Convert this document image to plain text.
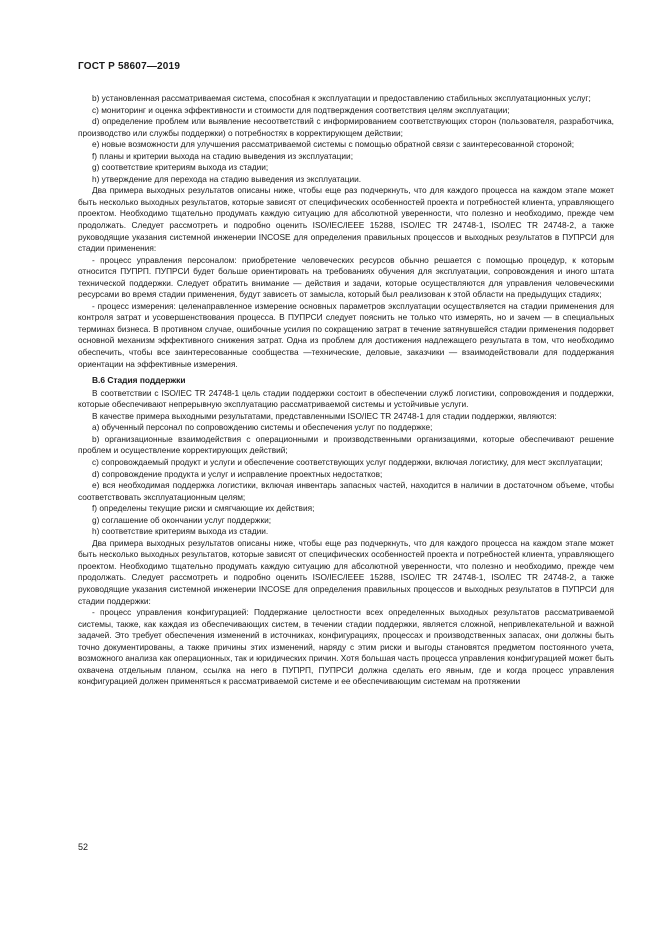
ГОСТ Р 58607—2019

b) установленная рассматриваемая система, способная к эксплуатации и предоставлению стабильных эксплуатационных услуг;

c) мониторинг и оценка эффективности и стоимости для подтверждения соответствия целям эксплуатации;

d) определение проблем или выявление несоответствий с информированием соответствующих сторон (пользователя, разработчика, производство или службы поддержки) о потребностях в корректирующем действии;

e) новые возможности для улучшения рассматриваемой системы с помощью обратной связи с заинтересованной стороной;

f) планы и критерии выхода на стадию выведения из эксплуатации;

g) соответствие критериям выхода из стадии;

h) утверждение для перехода на стадию выведения из эксплуатации.

Два примера выходных результатов описаны ниже, чтобы еще раз подчеркнуть, что для каждого процесса на каждом этапе может быть несколько выходных результатов, которые зависят от специфических особенностей проекта и потребностей клиента, управляющего проектом. Необходимо тщательно продумать каждую ситуацию для абсолютной уверенности, что полезно и необходимо, прежде чем продолжать. Следует рассмотреть и подробно оценить ISO/IEC/IEEE 15288, ISO/IEC TR 24748-1, ISO/IEC TR 24748-2, а также руководящие указания системной инженерии INCOSE для определения правильных процессов и выходных результатов в ПУПРСИ для стадии применения:

- процесс управления персоналом: приобретение человеческих ресурсов обычно решается с помощью процедур, к которым относится ПУПРП. ПУПРСИ будет больше ориентировать на требованиях обучения для эксплуатации, сопровождения и иного штата технической поддержки. Следует обратить внимание — действия и задачи, которые осуществляются для управления человеческими ресурсами во время стадии применения, будут зависеть от замысла, который был реализован к этой области на предыдущих стадиях;

- процесс измерения: целенаправленное измерение основных параметров эксплуатации осуществляется на стадии применения для контроля затрат и усовершенствования процесса. В ПУПРСИ следует пояснить не только что измерять, но и зачем — в специальных терминах бизнеса. В противном случае, ошибочные усилия по сокращению затрат в течение затянувшейся стадии применения подорвет основной механизм эффективного снижения затрат. Одна из проблем для достижения надлежащего результата в том, что необходимо обеспечить, чтобы все заинтересованные сообщества —технические, деловые, заказчики — взаимодействовали для поддержания ориентации на эффективные измерения.

В.6 Стадия поддержки

В соответствии с ISO/IEC TR 24748-1 цель стадии поддержки состоит в обеспечении служб логистики, сопровождения и поддержки, которые обеспечивают непрерывную эксплуатацию рассматриваемой системы и устойчивые услуги.

В качестве примера выходными результатами, представленными ISO/IEC TR 24748-1 для стадии поддержки, являются:

a) обученный персонал по сопровождению системы и обеспечения услуг по поддержке;

b) организационные взаимодействия с операционными и производственными организациями, которые обеспечивают решение проблем и осуществление корректирующих действий;

c) сопровождаемый продукт и услуги и обеспечение соответствующих услуг поддержки, включая логистику, для мест эксплуатации;

d) сопровождение продукта и услуг и исправление проектных недостатков;

e) вся необходимая поддержка логистики, включая инвентарь запасных частей, находится в наличии в достаточном объеме, чтобы соответствовать эксплуатационным целям;

f) определены текущие риски и смягчающие их действия;

g) соглашение об окончании услуг поддержки;

h) соответствие критериям выхода из стадии.

Два примера выходных результатов описаны ниже, чтобы еще раз подчеркнуть, что для каждого процесса на каждом этапе может быть несколько выходных результатов, которые зависят от специфических особенностей проекта и потребностей клиента, управляющего проектом. Необходимо тщательно продумать каждую ситуацию для абсолютной уверенности, что полезно и необходимо, прежде чем продолжать. Следует рассмотреть и подробно оценить ISO/IEC/IEEE 15288, ISO/IEC TR 24748-1, ISO/IEC TR 24748-2, а также руководящие указания системной инженерии INCOSE для определения правильных процессов и выходных результатов в ПУПРСИ для стадии поддержки:

- процесс управления конфигурацией: Поддержание целостности всех определенных выходных результатов рассматриваемой системы, также, как каждая из обеспечивающих систем, в течении стадии поддержки, является сложной, непривлекательной и важной задачей. Это требует обеспечения изменений в источниках, конфигурациях, процессах и производственных запасах, они должны быть точно документированы, а также причины этих изменений, наряду с этим риски и выгоды становятся предметом постоянного учета, возможного анализа как операционных, так и юридических причин. Хотя большая часть процесса управления конфигурацией может быть охвачена отдельным планом, ссылка на него в ПУПРП, ПУПРСИ должна сделать его явным, где и когда процесс управления конфигурацией должен применяться к рассматриваемой системе и ее обеспечивающим системам на протяжении

52
